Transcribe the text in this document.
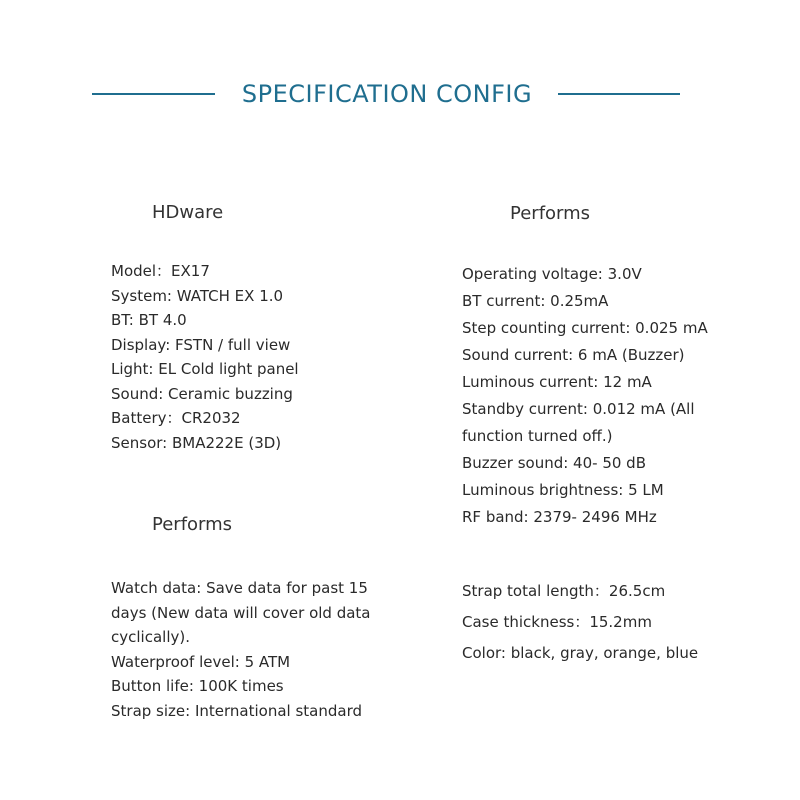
SPECIFICATION CONFIG
HDware
Model：EX17
System: WATCH EX 1.0
BT: BT 4.0
Display: FSTN / full view
Light: EL Cold light panel
Sound: Ceramic buzzing
Battery：CR2032
Sensor: BMA222E (3D)
Performs
Watch data: Save data for past 15
days (New data will cover old data
cyclically).
Waterproof level: 5 ATM
Button life: 100K times
Strap size: International standard
Performs
Operating voltage: 3.0V
BT current: 0.25mA
Step counting current: 0.025 mA
Sound current: 6 mA (Buzzer)
Luminous current: 12 mA
Standby current: 0.012 mA (All
function turned off.)
Buzzer sound: 40- 50 dB
Luminous brightness: 5 LM
RF band: 2379- 2496 MHz
Strap total length：26.5cm
Case thickness：15.2mm
Color: black, gray, orange, blue
